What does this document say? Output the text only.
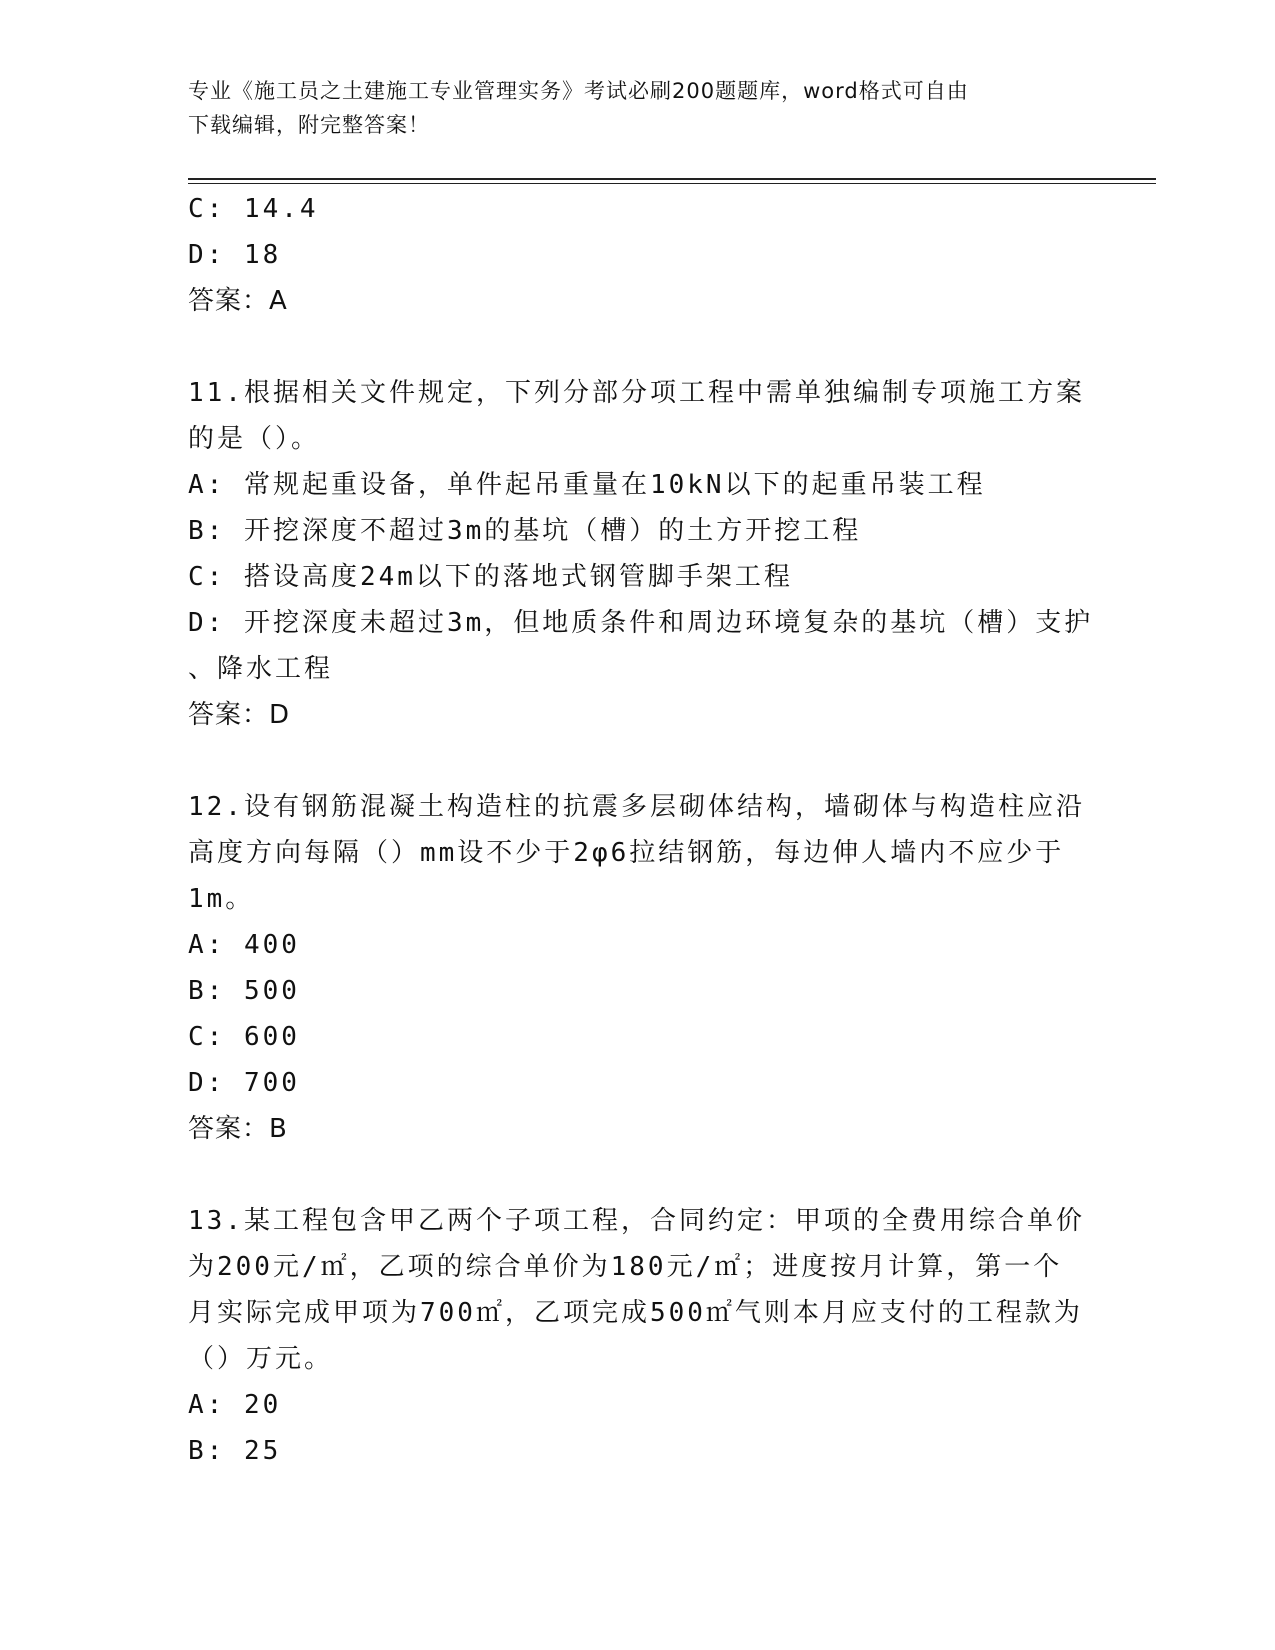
专业《施工员之土建施工专业管理实务》考试必刷200题题库，word格式可自由
下载编辑，附完整答案！
C: 14.4
D: 18
答案：A
11.根据相关文件规定，下列分部分项工程中需单独编制专项施工方案
的是（）。
A: 常规起重设备，单件起吊重量在10kN以下的起重吊装工程
B: 开挖深度不超过3m的基坑（槽）的土方开挖工程
C: 搭设高度24m以下的落地式钢管脚手架工程
D: 开挖深度未超过3m，但地质条件和周边环境复杂的基坑（槽）支护
、降水工程
答案：D
12.设有钢筋混凝土构造柱的抗震多层砌体结构，墙砌体与构造柱应沿
高度方向每隔（）mm设不少于2φ6拉结钢筋，每边伸人墙内不应少于
1m。
A: 400
B: 500
C: 600
D: 700
答案：B
13.某工程包含甲乙两个子项工程，合同约定：甲项的全费用综合单价
为200元/㎡，乙项的综合单价为180元/㎡；进度按月计算，第一个
月实际完成甲项为700㎡，乙项完成500㎡气则本月应支付的工程款为
（）万元。
A: 20
B: 25
